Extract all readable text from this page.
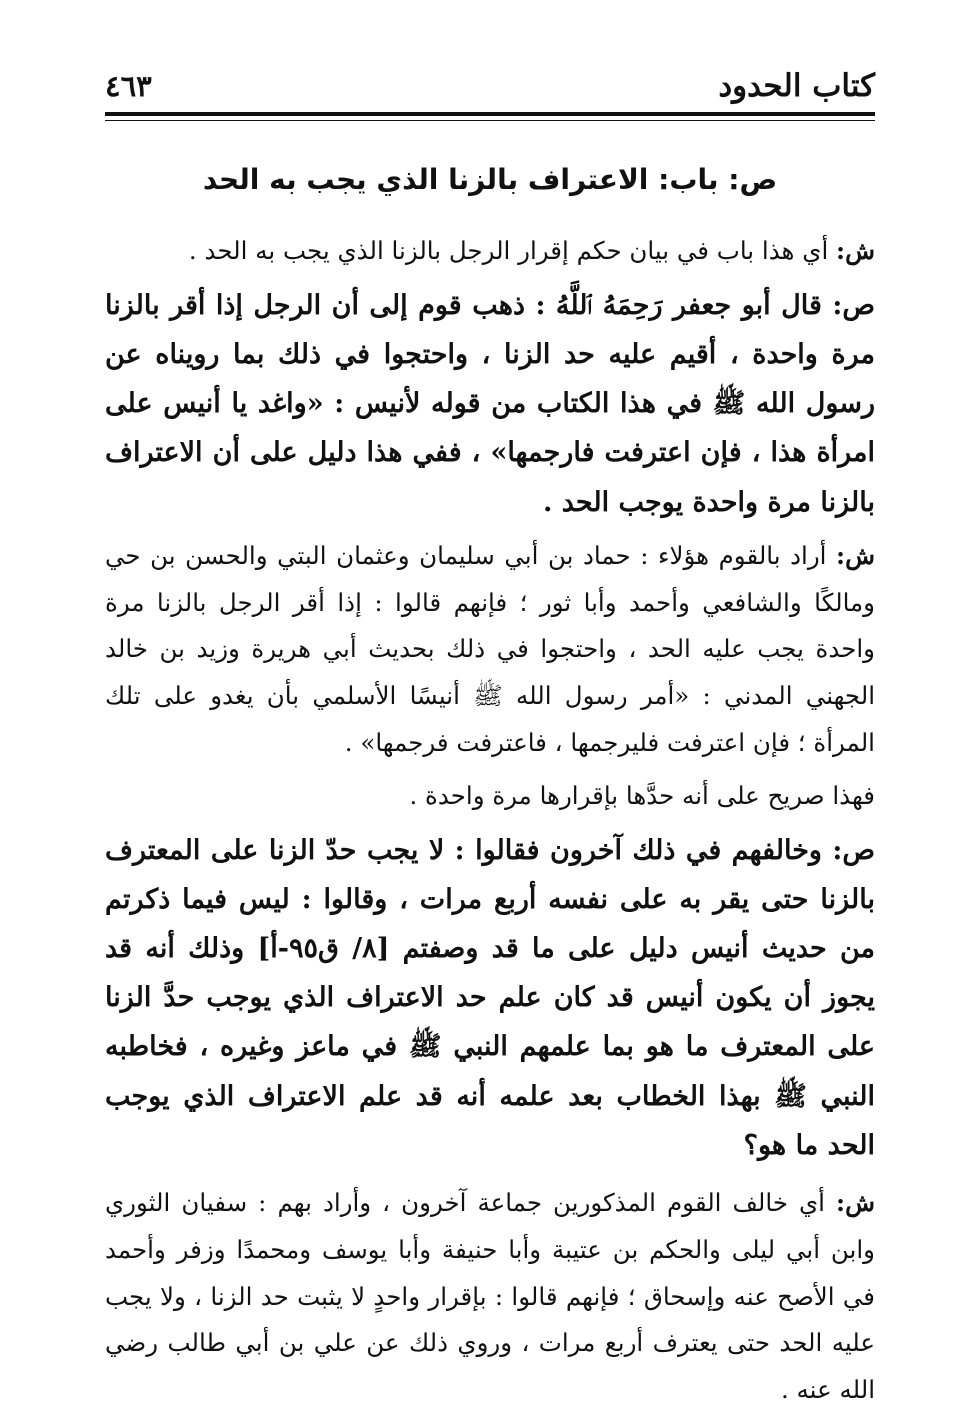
كتاب الحدود
٤٦٣
ص: باب: الاعتراف بالزنا الذي يجب به الحد

ش: أي هذا باب في بيان حكم إقرار الرجل بالزنا الذي يجب به الحد .

ص: قال أبو جعفر رَحِمَهُ ٱللَّهُ : ذهب قوم إلى أن الرجل إذا أقر بالزنا مرة واحدة ، أقيم عليه حد الزنا ، واحتجوا في ذلك بما رويناه عن رسول الله ﷺ في هذا الكتاب من قوله لأنيس : «واغد يا أنيس على امرأة هذا ، فإن اعترفت فارجمها» ، ففي هذا دليل على أن الاعتراف بالزنا مرة واحدة يوجب الحد .

ش: أراد بالقوم هؤلاء : حماد بن أبي سليمان وعثمان البتي والحسن بن حي ومالكًا والشافعي وأحمد وأبا ثور ؛ فإنهم قالوا : إذا أقر الرجل بالزنا مرة واحدة يجب عليه الحد ، واحتجوا في ذلك بحديث أبي هريرة وزيد بن خالد الجهني المدني : «أمر رسول الله ﷺ أنيسًا الأسلمي بأن يغدو على تلك المرأة ؛ فإن اعترفت فليرجمها ، فاعترفت فرجمها» .

فهذا صريح على أنه حدَّها بإقرارها مرة واحدة .

ص: وخالفهم في ذلك آخرون فقالوا : لا يجب حدّ الزنا على المعترف بالزنا حتى يقر به على نفسه أربع مرات ، وقالوا : ليس فيما ذكرتم من حديث أنيس دليل على ما قد وصفتم [٨/ ق٩٥-أ] وذلك أنه قد يجوز أن يكون أنيس قد كان علم حد الاعتراف الذي يوجب حدَّ الزنا على المعترف ما هو بما علمهم النبي ﷺ في ماعز وغيره ، فخاطبه النبي ﷺ بهذا الخطاب بعد علمه أنه قد علم الاعتراف الذي يوجب الحد ما هو؟

ش: أي خالف القوم المذكورين جماعة آخرون ، وأراد بهم : سفيان الثوري وابن أبي ليلى والحكم بن عتيبة وأبا حنيفة وأبا يوسف ومحمدًا وزفر وأحمد في الأصح عنه وإسحاق ؛ فإنهم قالوا : بإقرار واحدٍ لا يثبت حد الزنا ، ولا يجب عليه الحد حتى يعترف أربع مرات ، وروي ذلك عن علي بن أبي طالب رضي الله عنه .
